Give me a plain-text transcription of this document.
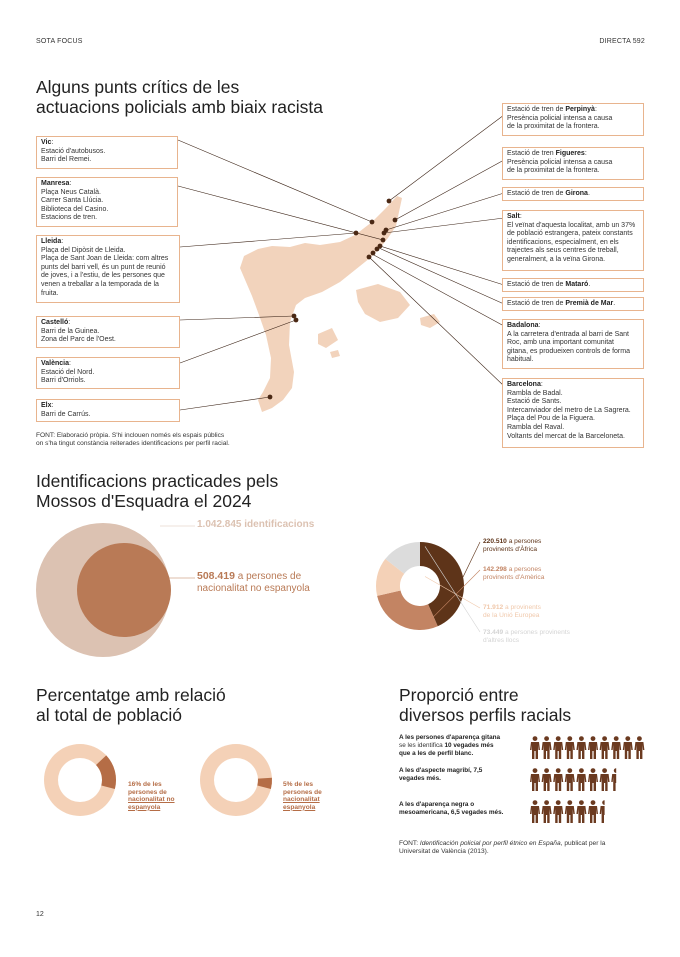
SOTA FOCUS	DIRECTA 592
Alguns punts crítics de les
actuacions policials amb biaix racista
Vic:
Estació d'autobusos.
Barri del Remei.
Manresa:
Plaça Neus Català.
Carrer Santa Llúcia.
Biblioteca del Casino.
Estacions de tren.
Lleida:
Plaça del Dipòsit de Lleida.
Plaça de Sant Joan de Lleida: com altres
punts del barri vell, és un punt de reunió
de joves, i a l'estiu, de les persones que
venen a treballar a la temporada de la
fruita.
Castelló:
Barri de la Guinea.
Zona del Parc de l'Oest.
València:
Estació del Nord.
Barri d'Orriols.
Elx:
Barri de Carrús.
Estació de tren de Perpinyà:
Presència policial intensa a causa
de la proximitat de la frontera.
Estació de tren Figueres:
Presència policial intensa a causa
de la proximitat de la frontera.
Estació de tren de Girona.
Salt:
El veïnat d'aquesta localitat, amb un 37%
de població estrangera, pateix constants
identificacions, especialment, en els
trajectes als seus centres de treball,
generalment, a la veïna Girona.
Estació de tren de Mataró.
Estació de tren de Premià de Mar.
Badalona:
A la carretera d'entrada al barri de Sant
Roc, amb una important comunitat
gitana, es produeixen controls de forma
habitual.
Barcelona:
Rambla de Badal.
Estació de Sants.
Intercanviador del metro de La Sagrera.
Plaça del Pou de la Figuera.
Rambla del Raval.
Voltants del mercat de la Barceloneta.
FONT: Elaboració pròpia. S'hi inclouen només els espais públics
on s'ha tingut constància reiterades identificacions per perfil racial.
Identificacions practicades pels
Mossos d'Esquadra el 2024
1.042.845 identificacions
508.419 a persones de
nacionalitat no espanyola
220.510 a persones
provinents d'Àfrica
142.298 a persones
provinents d'Amèrica
71.912 a provinents
de la Unió Europea
73.449 a persones provinents
d'altres llocs
Percentatge amb relació
al total de població
16% de les
persones de
nacionalitat no
espanyola
5% de les
persones de
nacionalitat
espanyola
Proporció entre
diversos perfils racials
A les persones d'aparença gitana
se les identifica 10 vegades més
que a les de perfil blanc.
A les d'aspecte magribí, 7,5
vegades més.
A les d'aparença negra o
mesoamericana, 6,5 vegades més.
FONT: Identificación policial por perfil étnico en España, publicat per la
Universitat de València (2013).
12
